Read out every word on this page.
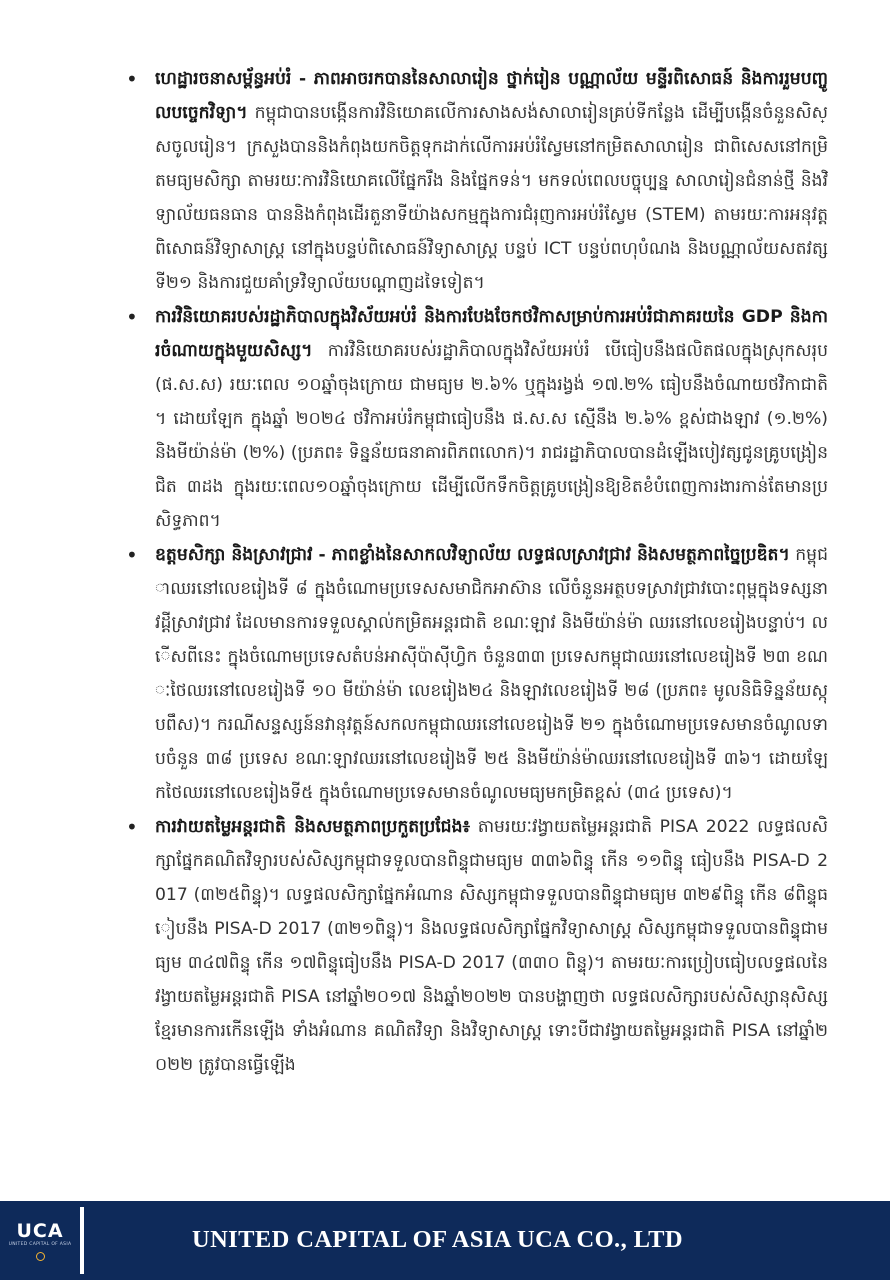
• ហេដ្ឋារចនាសម្ព័ន្ធអប់រំ - ភាពអាចរកបាននៃសាលារៀន ថ្នាក់រៀន បណ្ណាល័យ មន្ទីរពិសោធន៍ និងការរួមបញ្ចូលបច្ចេកវិទ្យា។ កម្ពុជាបានបង្កើនការវិនិយោគលើការសាងសង់សាលារៀនគ្រប់ទីកន្លែង ដើម្បីបង្កើនចំនួនសិស្សចូលរៀន។ ក្រសួងបាននិងកំពុងយកចិត្តទុកដាក់លើការអប់រំស្វែមនៅកម្រិតសាលារៀន ជាពិសេសនៅកម្រិតមធ្យមសិក្សា តាមរយៈការវិនិយោគលើផ្នែករឹង និងផ្នែកទន់។ មកទល់ពេលបច្ចុប្បន្ន សាលារៀនជំនាន់ថ្មី និងវិទ្យាល័យធនធាន បាននិងកំពុងដើរតួនាទីយ៉ាងសកម្មក្នុងការជំរុញការអប់រំស្វែម (STEM) តាមរយៈការអនុវត្តពិសោធន៍វិទ្យាសាស្ត្រ នៅក្នុងបន្ទប់ពិសោធន៍វិទ្យាសាស្ត្រ បន្ទប់ ICT បន្ទប់ពហុបំណង និងបណ្ណាល័យសតវត្សទី២១ និងការជួយគាំទ្រវិទ្យាល័យបណ្តាញដទៃទៀត។
• ការវិនិយោគរបស់រដ្ឋាភិបាលក្នុងវិស័យអប់រំ និងការបែងចែកថវិកាសម្រាប់ការអប់រំជាភាគរយនៃ GDP និងការចំណាយក្នុងមួយសិស្ស។ ការវិនិយោគរបស់រដ្ឋាភិបាលក្នុងវិស័យអប់រំ បើធៀបនឹងផលិតផលក្នុងស្រុកសរុប (ផ.ស.ស) រយៈពេល ១០ឆ្នាំចុងក្រោយ ជាមធ្យម ២.៦% ឬក្នុងរង្វង់ ១៧.២% ធៀបនឹងចំណាយថវិកាជាតិ។ ដោយឡែក ក្នុងឆ្នាំ ២០២៤ ថវិកាអប់រំកម្ពុជាធៀបនឹង ផ.ស.ស ស្មើនឹង ២.៦% ខ្ពស់ជាងឡាវ (១.២%) និងមីយ៉ាន់ម៉ា (២%) (ប្រភព៖ ទិន្នន័យធនាគារពិភពលោក)។ រាជរដ្ឋាភិបាលបានដំឡើងបៀវត្សជូនគ្រូបង្រៀនជិត ៣ដង ក្នុងរយៈពេល១០ឆ្នាំចុងក្រោយ ដើម្បីលើកទឹកចិត្តគ្រូបង្រៀនឱ្យខិតខំបំពេញការងារកាន់តែមានប្រសិទ្ធភាព។
• ឧត្តមសិក្សា និងស្រាវជ្រាវ - ភាពខ្លាំងនៃសាកលវិទ្យាល័យ លទ្ធផលស្រាវជ្រាវ និងសមត្ថភាពច្នៃប្រឌិត។ កម្ពុជាឈរនៅលេខរៀងទី ៨ ក្នុងចំណោមប្រទេសសមាជិកអាស៊ាន លើចំនួនអត្ថបទស្រាវជ្រាវបោះពុម្ពក្នុងទស្សនាវដ្ដីស្រាវជ្រាវ ដែលមានការទទួលស្គាល់កម្រិតអន្តរជាតិ ខណៈឡាវ និងមីយ៉ាន់ម៉ា ឈរនៅលេខរៀងបន្ទាប់។ លើសពីនេះ ក្នុងចំណោមប្រទេសតំបន់អាស៊ីប៉ាស៊ីហ្វិក ចំនួន៣៣ ប្រទេសកម្ពុជាឈរនៅលេខរៀងទី ២៣ ខណៈថៃឈរនៅលេខរៀងទី ១០ មីយ៉ាន់ម៉ា លេខរៀង២៤ និងឡាវលេខរៀងទី ២៨ (ប្រភព៖ មូលនិធិទិន្នន័យស្កុបពឹស)។ ករណីសន្ទស្សន៍នវានុវត្តន៍សកលកម្ពុជាឈរនៅលេខរៀងទី ២១ ក្នុងចំណោមប្រទេសមានចំណូលទាបចំនួន ៣៨ ប្រទេស ខណៈឡាវឈរនៅលេខរៀងទី ២៥ និងមីយ៉ាន់ម៉ាឈរនៅលេខរៀងទី ៣៦។ ដោយឡែកថៃឈរនៅលេខរៀងទី៥ ក្នុងចំណោមប្រទេសមានចំណូលមធ្យមកម្រិតខ្ពស់ (៣៤ ប្រទេស)។
• ការវាយតម្លៃអន្តរជាតិ និងសមត្ថភាពប្រកួតប្រជែង៖ តាមរយៈវង្វាយតម្លៃអន្តរជាតិ PISA 2022 លទ្ធផលសិក្សាផ្នែកគណិតវិទ្យារបស់សិស្សកម្ពុជាទទួលបានពិន្ទុជាមធ្យម ៣៣៦ពិន្ទុ កើន ១១ពិន្ទុ ធៀបនឹង PISA-D 2017 (៣២៥ពិន្ទុ)។ លទ្ធផលសិក្សាផ្នែកអំណាន សិស្សកម្ពុជាទទួលបានពិន្ទុជាមធ្យម ៣២៩ពិន្ទុ កើន ៨ពិន្ទុធៀបនឹង PISA-D 2017 (៣២១ពិន្ទុ)។ និងលទ្ធផលសិក្សាផ្នែកវិទ្យាសាស្ត្រ សិស្សកម្ពុជាទទួលបានពិន្ទុជាមធ្យម ៣៤៧ពិន្ទុ កើន ១៧ពិន្ទុធៀបនឹង PISA-D 2017 (៣៣០ ពិន្ទុ)។ តាមរយៈការប្រៀបធៀបលទ្ធផលនៃវង្វាយតម្លៃអន្តរជាតិ PISA នៅឆ្នាំ២០១៧ និងឆ្នាំ២០២២ បានបង្ហាញថា លទ្ធផលសិក្សារបស់សិស្សានុសិស្សខ្មែរមានការកើនឡើង ទាំងអំណាន គណិតវិទ្យា និងវិទ្យាសាស្ត្រ ទោះបីជាវង្វាយតម្លៃអន្តរជាតិ PISA នៅឆ្នាំ២០២២ ត្រូវបានធ្វើឡើង
UCA
UNITED CAPITAL OF ASIA	UNITED CAPITAL OF ASIA UCA CO., LTD
